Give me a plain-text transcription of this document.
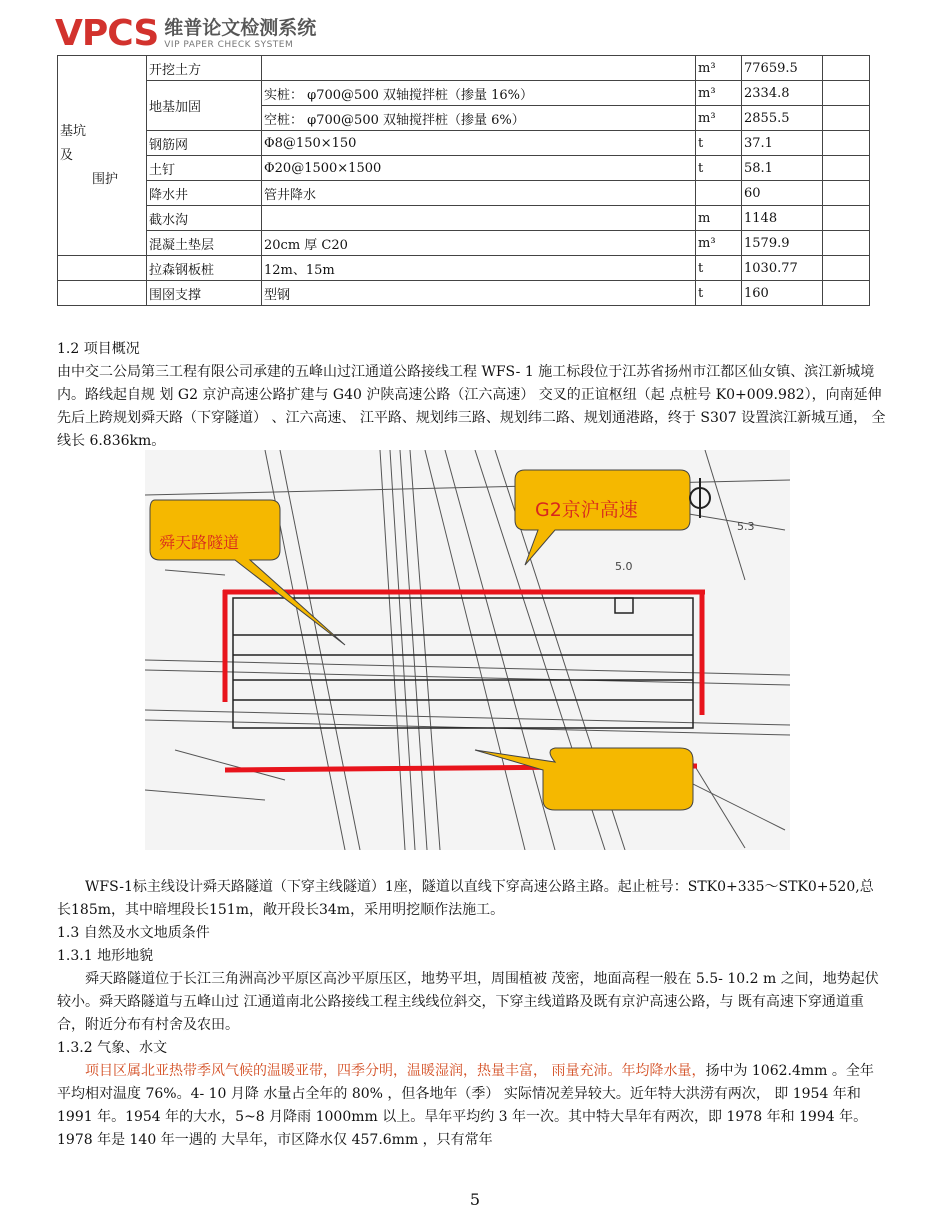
VPCS 维普论文检测系统
VIP PAPER CHECK SYSTEM
基坑
及
围护	开挖土方		m³	77659.5	
	地基加固	实桩： φ700@500 双轴搅拌桩（掺量 16%）	m³	2334.8	
		空桩： φ700@500 双轴搅拌桩（掺量 6%）	m³	2855.5	
	钢筋网	Φ8@150×150	t	37.1	
	土钉	Φ20@1500×1500	t	58.1	
	降水井	管井降水		60	
	截水沟		m	1148	
	混凝土垫层	20cm 厚 C20	m³	1579.9	
	拉森钢板桩	12m、15m	t	1030.77	
	围囹支撑	型钢	t	160	

1.2 项目概况

由中交二公局第三工程有限公司承建的五峰山过江通道公路接线工程 WFS- 1 施工标段位于江苏省扬州市江都区仙女镇、滨江新城境内。路线起自规 划 G2 京沪高速公路扩建与 G40 沪陕高速公路（江六高速） 交叉的正谊枢纽（起 点桩号 K0+009.982），向南延伸先后上跨规划舜天路（下穿隧道） 、江六高速、 江平路、规划纬三路、规划纬二路、规划通港路，终于 S307 设置滨江新城互通， 全线长 6.836km。

G2京沪高速
舜天路隧道
5.3
5.0

WFS-1标主线设计舜天路隧道（下穿主线隧道）1座，隧道以直线下穿高速公路主路。起止桩号：STK0+335～STK0+520,总长185m，其中暗埋段长151m，敞开段长34m，采用明挖顺作法施工。

1.3 自然及水文地质条件

1.3.1 地形地貌

舜天路隧道位于长江三角洲高沙平原区高沙平原压区，地势平坦，周围植被 茂密，地面高程一般在 5.5- 10.2 m 之间，地势起伏较小。舜天路隧道与五峰山过 江通道南北公路接线工程主线线位斜交，下穿主线道路及既有京沪高速公路，与 既有高速下穿通道重合，附近分布有村舍及农田。

1.3.2 气象、水文

项目区属北亚热带季风气候的温暖亚带，四季分明，温暖湿润，热量丰富， 雨量充沛。年均降水量，扬中为 1062.4mm 。全年平均相对温度 76%。4- 10 月降 水量占全年的 80% ，但各地年（季） 实际情况差异较大。近年特大洪涝有两次， 即 1954 年和 1991 年。1954 年的大水，5~8 月降雨 1000mm 以上。旱年平均约 3 年一次。其中特大旱年有两次，即 1978 年和 1994 年。1978 年是 140 年一遇的 大旱年，市区降水仅 457.6mm ，只有常年

5
